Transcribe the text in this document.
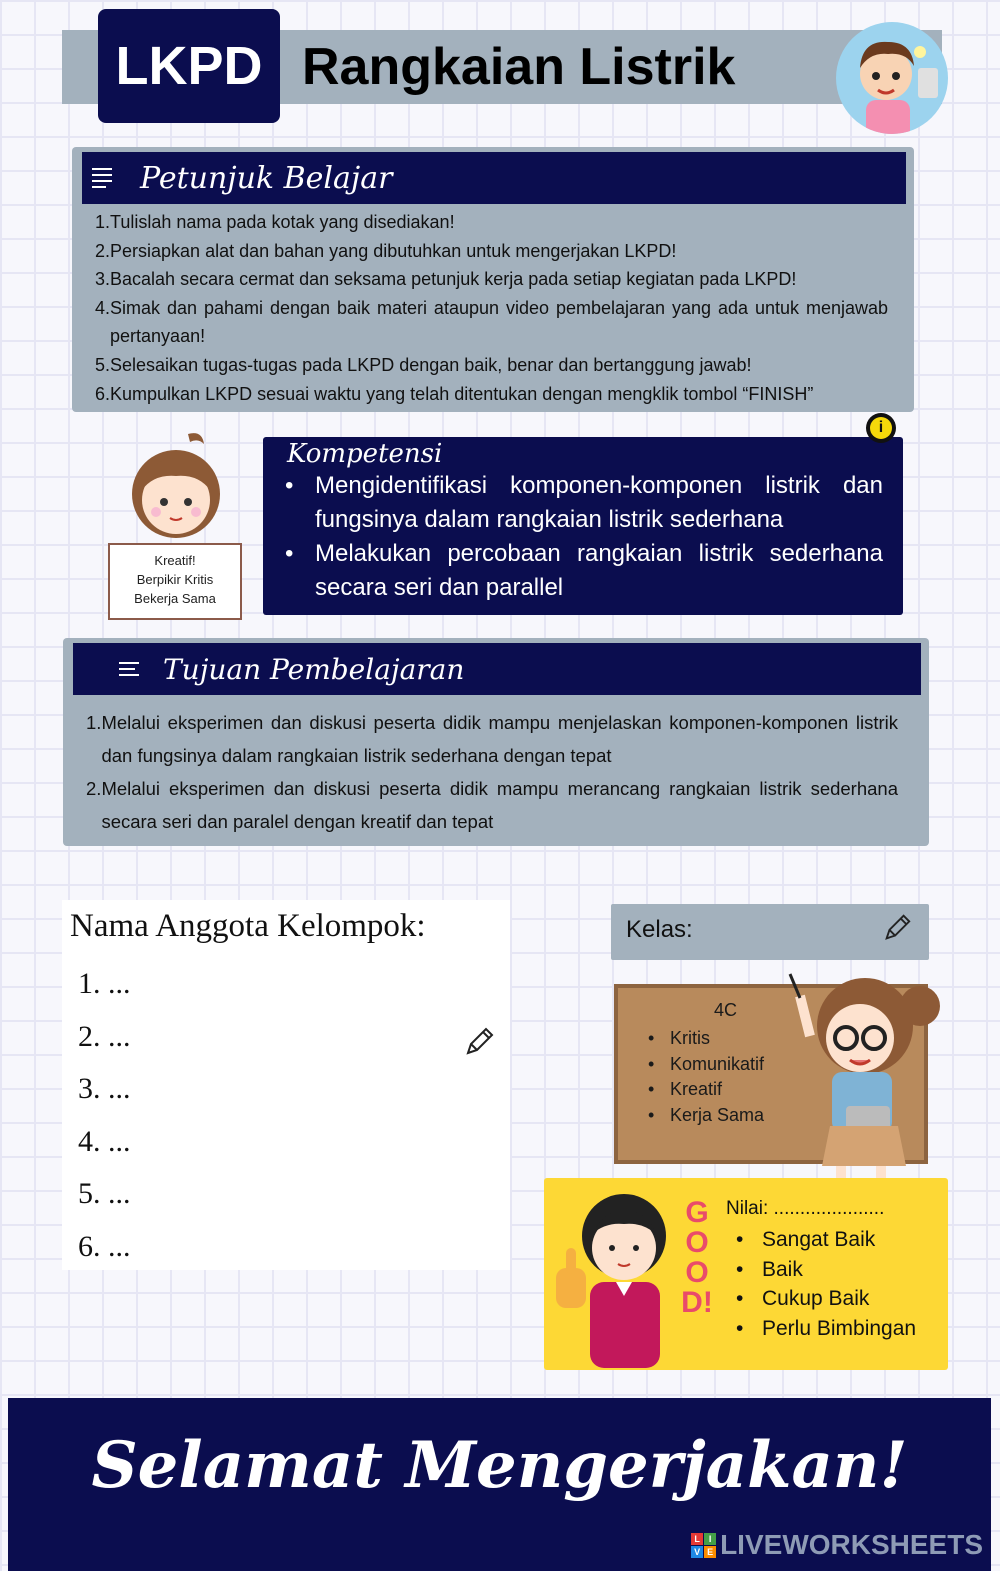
LKPD Rangkaian Listrik
Petunjuk Belajar
1. Tulislah nama pada kotak yang disediakan!
2. Persiapkan alat dan bahan yang dibutuhkan untuk mengerjakan LKPD!
3. Bacalah secara cermat dan seksama petunjuk kerja pada setiap kegiatan pada LKPD!
4. Simak dan pahami dengan baik materi ataupun video pembelajaran yang ada untuk menjawab pertanyaan!
5. Selesaikan tugas-tugas pada LKPD dengan baik, benar dan bertanggung jawab!
6. Kumpulkan LKPD sesuai waktu yang telah ditentukan dengan mengklik tombol “FINISH”
Kreatif!
Berpikir Kritis
Bekerja Sama
Kompetensi
• Mengidentifikasi komponen-komponen listrik dan fungsinya dalam rangkaian listrik sederhana
• Melakukan percobaan rangkaian listrik sederhana secara seri dan parallel
i
Tujuan Pembelajaran
1. Melalui eksperimen dan diskusi peserta didik mampu menjelaskan komponen-komponen listrik dan fungsinya dalam rangkaian listrik sederhana dengan tepat
2. Melalui eksperimen dan diskusi peserta didik mampu merancang rangkaian listrik sederhana secara seri dan paralel dengan kreatif dan tepat
Nama Anggota Kelompok:
1. ...
2. ...
3. ...
4. ...
5. ...
6. ...
Kelas:
4C
• Kritis
• Komunikatif
• Kreatif
• Kerja Sama
Nilai: .....................
• Sangat Baik
• Baik
• Cukup Baik
• Perlu Bimbingan
GOOD!
Selamat Mengerjakan!
L I
V E LIVEWORKSHEETS
